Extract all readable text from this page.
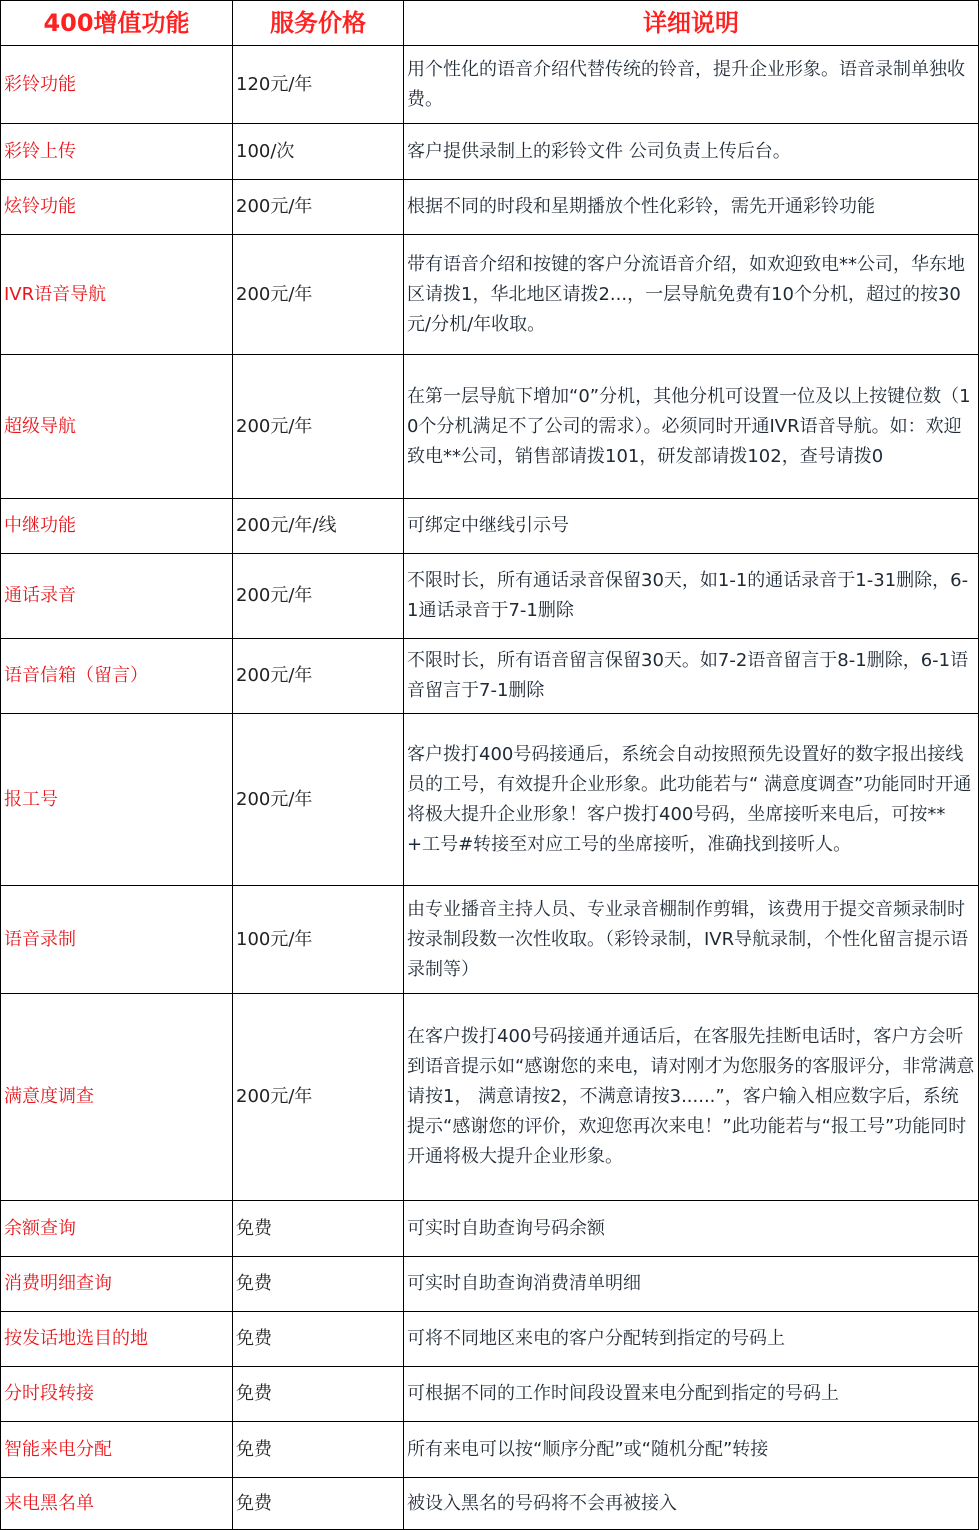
400增值功能	服务价格	详细说明
彩铃功能	120元/年	用个性化的语音介绍代替传统的铃音，提升企业形象。语音录制单独收费。
彩铃上传	100/次	客户提供录制上的彩铃文件 公司负责上传后台。
炫铃功能	200元/年	根据不同的时段和星期播放个性化彩铃，需先开通彩铃功能
IVR语音导航	200元/年	带有语音介绍和按键的客户分流语音介绍，如欢迎致电**公司，华东地区请拨1，华北地区请拨2...，一层导航免费有10个分机，超过的按30元/分机/年收取。
超级导航	200元/年	在第一层导航下增加“0”分机，其他分机可设置一位及以上按键位数（10个分机满足不了公司的需求）。必须同时开通IVR语音导航。如：欢迎致电**公司，销售部请拨101，研发部请拨102，查号请拨0
中继功能	200元/年/线	可绑定中继线引示号
通话录音	200元/年	不限时长，所有通话录音保留30天，如1-1的通话录音于1-31删除，6-1通话录音于7-1删除
语音信箱（留言）	200元/年	不限时长，所有语音留言保留30天。如7-2语音留言于8-1删除，6-1语音留言于7-1删除
报工号	200元/年	客户拨打400号码接通后，系统会自动按照预先设置好的数字报出接线员的工号，有效提升企业形象。此功能若与“ 满意度调查”功能同时开通将极大提升企业形象！客户拨打400号码，坐席接听来电后，可按**+工号#转接至对应工号的坐席接听，准确找到接听人。
语音录制	100元/年	由专业播音主持人员、专业录音棚制作剪辑，该费用于提交音频录制时按录制段数一次性收取。（彩铃录制，IVR导航录制，个性化留言提示语录制等）
满意度调查	200元/年	在客户拨打400号码接通并通话后，在客服先挂断电话时，客户方会听到语音提示如“感谢您的来电，请对刚才为您服务的客服评分，非常满意请按1， 满意请按2，不满意请按3......”，客户输入相应数字后，系统提示“感谢您的评价，欢迎您再次来电！”此功能若与“报工号”功能同时开通将极大提升企业形象。
余额查询	免费	可实时自助查询号码余额
消费明细查询	免费	可实时自助查询消费清单明细
按发话地选目的地	免费	可将不同地区来电的客户分配转到指定的号码上
分时段转接	免费	可根据不同的工作时间段设置来电分配到指定的号码上
智能来电分配	免费	所有来电可以按“顺序分配”或“随机分配”转接
来电黑名单	免费	被设入黑名的号码将不会再被接入
